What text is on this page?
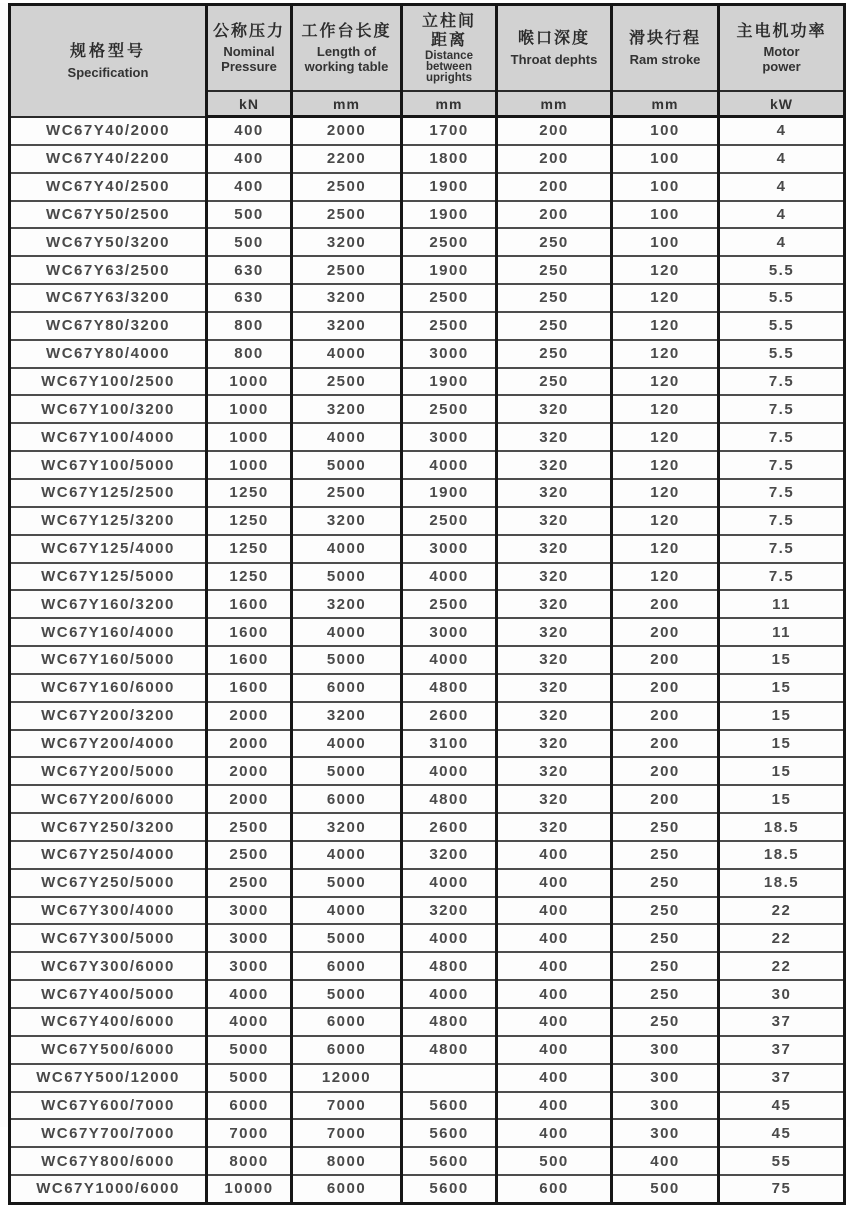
规格型号
Specification

公称压力
Nominal Pressure

工作台长度
Length of working table

立柱间距离
Distance between uprights

喉口深度
Throat dephts

滑块行程
Ram stroke

主电机功率
Motor power

	kN	mm	mm	mm	mm	kW
WC67Y40/2000	400	2000	1700	200	100	4
WC67Y40/2200	400	2200	1800	200	100	4
WC67Y40/2500	400	2500	1900	200	100	4
WC67Y50/2500	500	2500	1900	200	100	4
WC67Y50/3200	500	3200	2500	250	100	4
WC67Y63/2500	630	2500	1900	250	120	5.5
WC67Y63/3200	630	3200	2500	250	120	5.5
WC67Y80/3200	800	3200	2500	250	120	5.5
WC67Y80/4000	800	4000	3000	250	120	5.5
WC67Y100/2500	1000	2500	1900	250	120	7.5
WC67Y100/3200	1000	3200	2500	320	120	7.5
WC67Y100/4000	1000	4000	3000	320	120	7.5
WC67Y100/5000	1000	5000	4000	320	120	7.5
WC67Y125/2500	1250	2500	1900	320	120	7.5
WC67Y125/3200	1250	3200	2500	320	120	7.5
WC67Y125/4000	1250	4000	3000	320	120	7.5
WC67Y125/5000	1250	5000	4000	320	120	7.5
WC67Y160/3200	1600	3200	2500	320	200	11
WC67Y160/4000	1600	4000	3000	320	200	11
WC67Y160/5000	1600	5000	4000	320	200	15
WC67Y160/6000	1600	6000	4800	320	200	15
WC67Y200/3200	2000	3200	2600	320	200	15
WC67Y200/4000	2000	4000	3100	320	200	15
WC67Y200/5000	2000	5000	4000	320	200	15
WC67Y200/6000	2000	6000	4800	320	200	15
WC67Y250/3200	2500	3200	2600	320	250	18.5
WC67Y250/4000	2500	4000	3200	400	250	18.5
WC67Y250/5000	2500	5000	4000	400	250	18.5
WC67Y300/4000	3000	4000	3200	400	250	22
WC67Y300/5000	3000	5000	4000	400	250	22
WC67Y300/6000	3000	6000	4800	400	250	22
WC67Y400/5000	4000	5000	4000	400	250	30
WC67Y400/6000	4000	6000	4800	400	250	37
WC67Y500/6000	5000	6000	4800	400	300	37
WC67Y500/12000	5000	12000		400	300	37
WC67Y600/7000	6000	7000	5600	400	300	45
WC67Y700/7000	7000	7000	5600	400	300	45
WC67Y800/6000	8000	8000	5600	500	400	55
WC67Y1000/6000	10000	6000	5600	600	500	75
